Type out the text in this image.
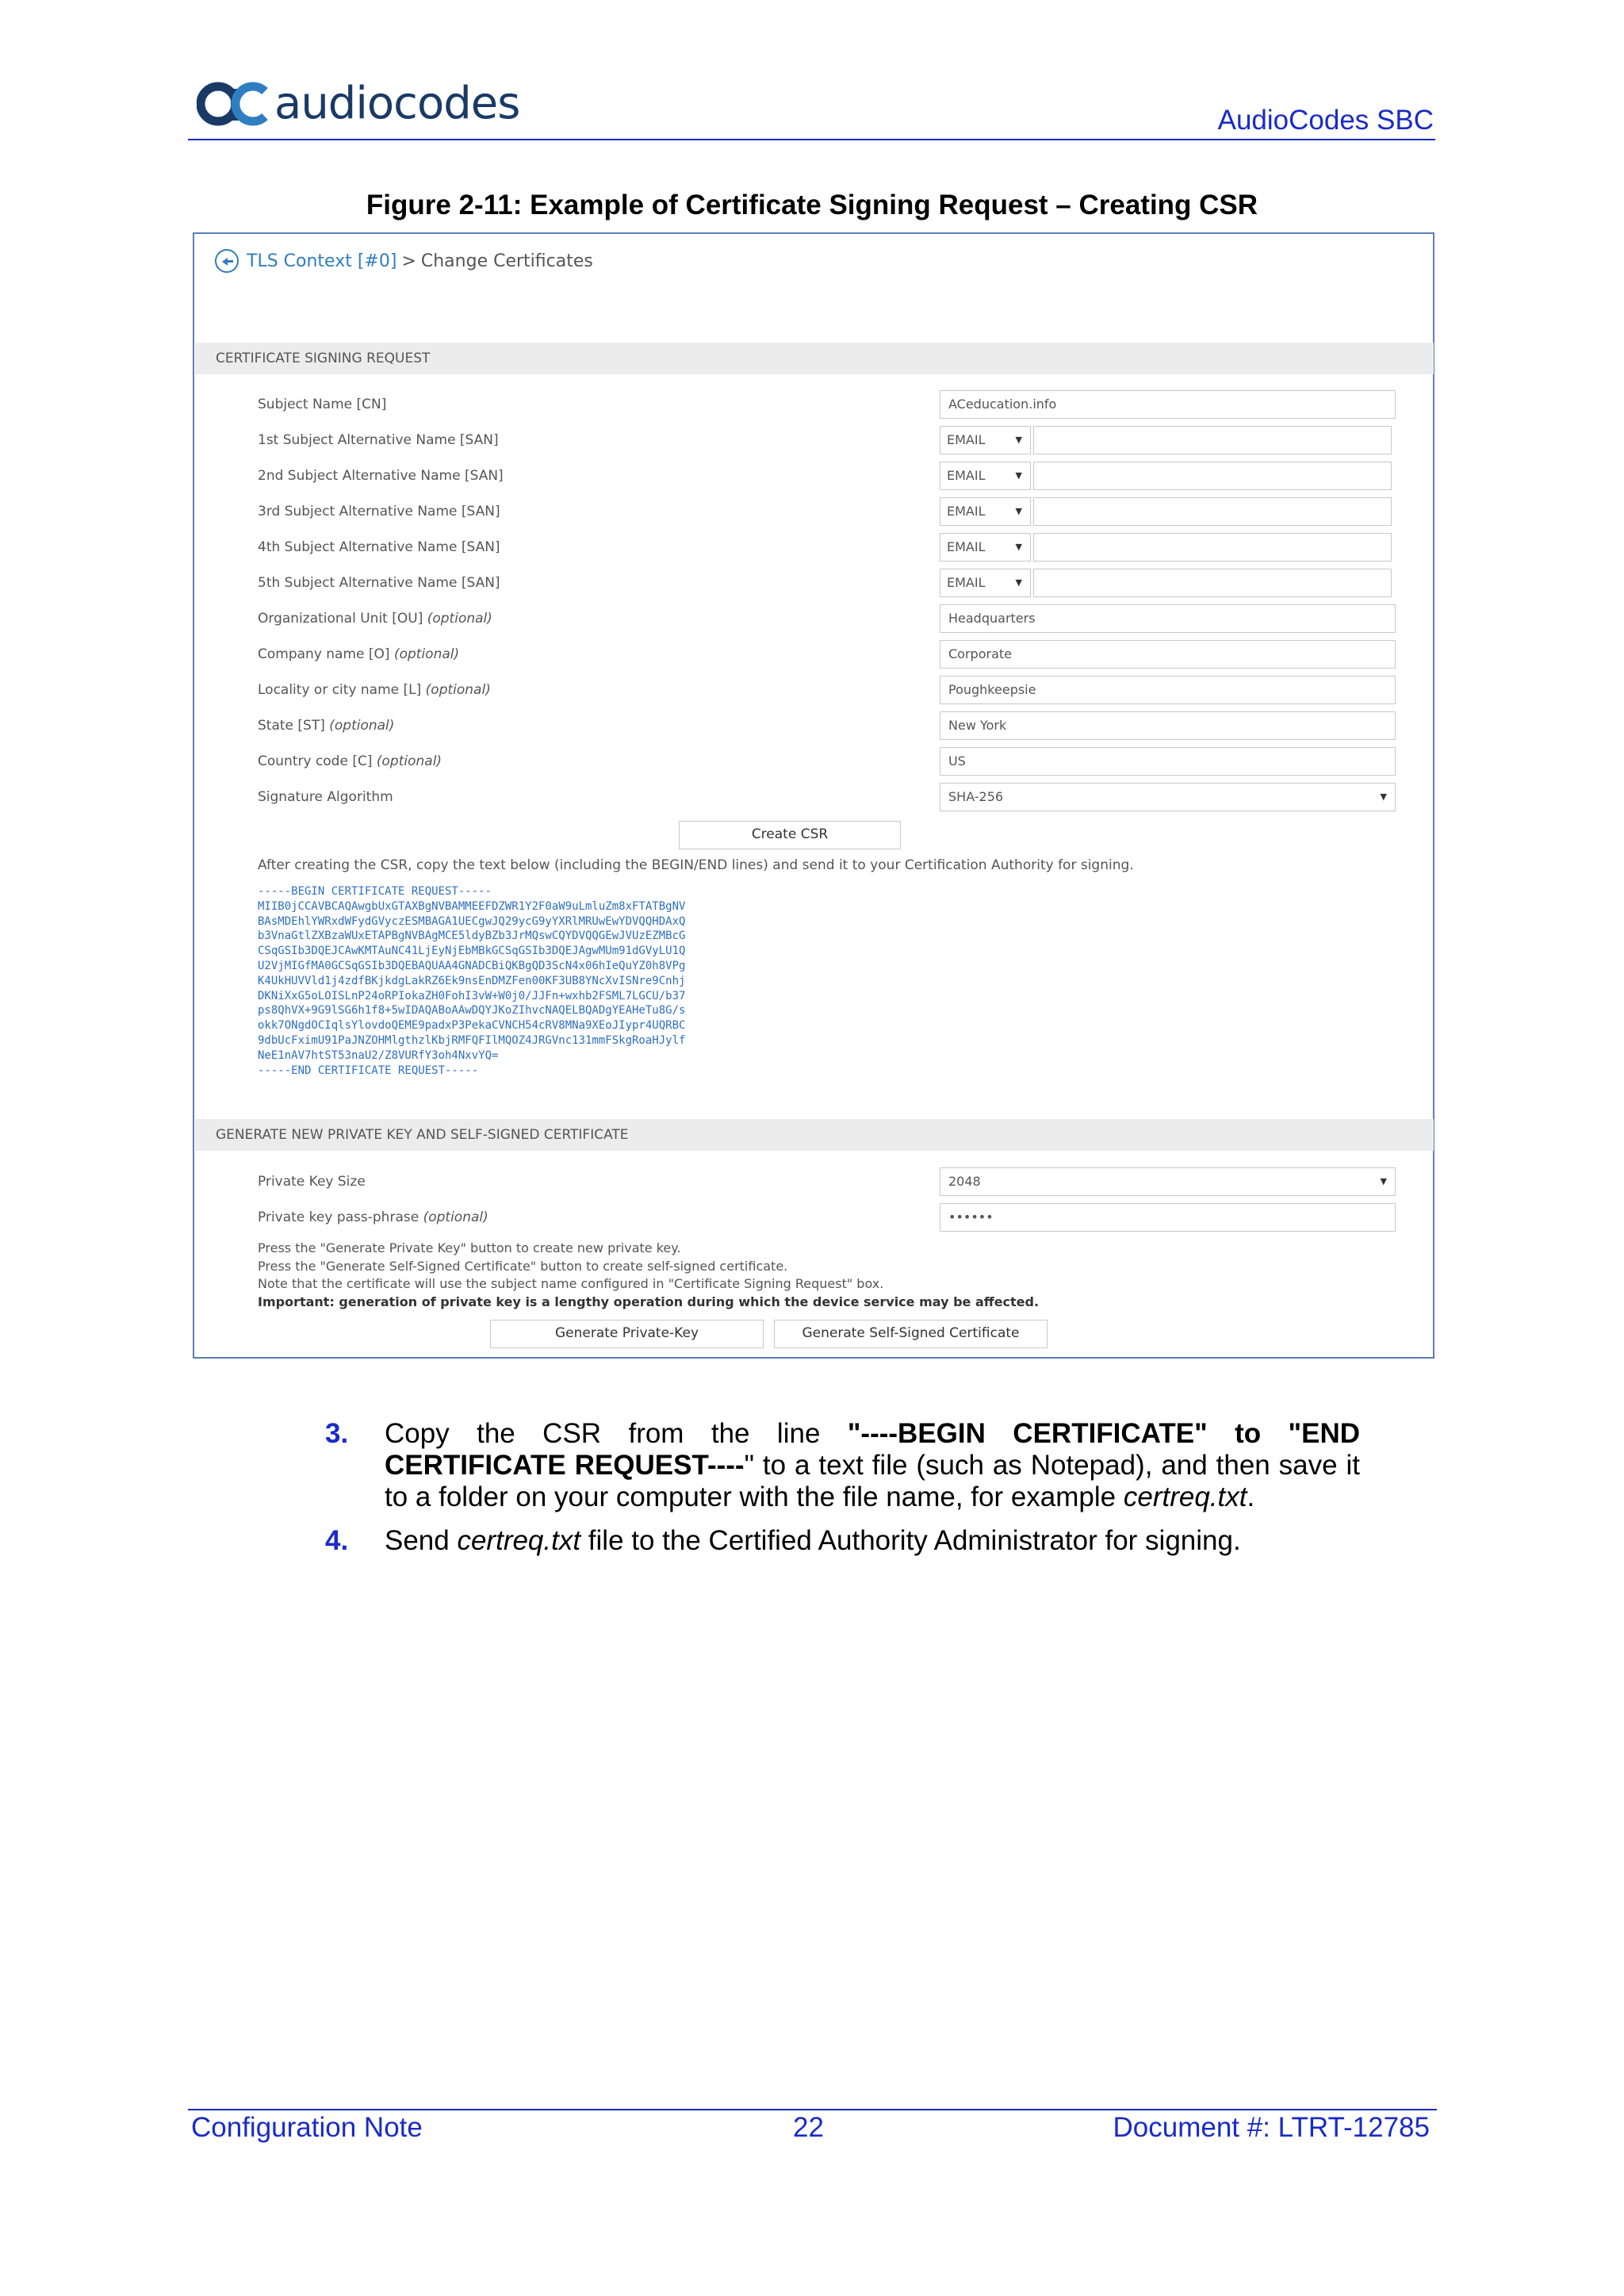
audiocodes	AudioCodes SBC
Figure 2-11: Example of Certificate Signing Request – Creating CSR
TLS Context [#0] > Change Certificates
CERTIFICATE SIGNING REQUEST
Subject Name [CN]	ACeducation.info
1st Subject Alternative Name [SAN]	EMAIL	▼
2nd Subject Alternative Name [SAN]	EMAIL	▼
3rd Subject Alternative Name [SAN]	EMAIL	▼
4th Subject Alternative Name [SAN]	EMAIL	▼
5th Subject Alternative Name [SAN]	EMAIL	▼
Organizational Unit [OU] (optional)	Headquarters
Company name [O] (optional)	Corporate
Locality or city name [L] (optional)	Poughkeepsie
State [ST] (optional)	New York
Country code [C] (optional)	US
Signature Algorithm	SHA-256	▼
Create CSR
After creating the CSR, copy the text below (including the BEGIN/END lines) and send it to your Certification Authority for signing.
-----BEGIN CERTIFICATE REQUEST-----
MIIB0jCCAVBCAQAwgbUxGTAXBgNVBAMMEEFDZWR1Y2F0aW9uLmluZm8xFTATBgNV
BAsMDEhlYWRxdWFydGVyczESMBAGA1UECgwJQ29ycG9yYXRlMRUwEwYDVQQHDAxQ
b3VnaGtlZXBzaWUxETAPBgNVBAgMCE5ldyBZb3JrMQswCQYDVQQGEwJVUzEZMBcG
CSqGSIb3DQEJCAwKMTAuNC41LjEyNjEbMBkGCSqGSIb3DQEJAgwMUm91dGVyLU1Q
U2VjMIGfMA0GCSqGSIb3DQEBAQUAA4GNADCBiQKBgQD3ScN4x06hIeQuYZ0h8VPg
K4UkHUVVld1j4zdfBKjkdgLakRZ6Ek9nsEnDMZFen00KF3UB8YNcXvISNre9Cnhj
DKNiXxG5oLOISLnP24oRPIokaZH0FohI3vW+W0j0/JJFn+wxhb2FSML7LGCU/b37
ps8QhVX+9G9lSG6h1f8+5wIDAQABoAAwDQYJKoZIhvcNAQELBQADgYEAHeTu8G/s
okk7ONgdOCIqlsYlovdoQEME9padxP3PekaCVNCH54cRV8MNa9XEoJIypr4UQRBC
9dbUcFximU91PaJNZOHMlgthzlKbjRMFQFIlMQOZ4JRGVnc131mmFSkgRoaHJylf
NeE1nAV7htST53naU2/Z8VURfY3oh4NxvYQ=
-----END CERTIFICATE REQUEST-----
GENERATE NEW PRIVATE KEY AND SELF-SIGNED CERTIFICATE
Private Key Size	2048	▼
Private key pass-phrase (optional)	••••••
Press the "Generate Private Key" button to create new private key.
Press the "Generate Self-Signed Certificate" button to create self-signed certificate.
Note that the certificate will use the subject name configured in "Certificate Signing Request" box.
Important: generation of private key is a lengthy operation during which the device service may be affected.
Generate Private-Key	Generate Self-Signed Certificate
3. Copy the CSR from the line "----BEGIN CERTIFICATE" to "END CERTIFICATE REQUEST----" to a text file (such as Notepad), and then save it to a folder on your computer with the file name, for example certreq.txt.
4. Send certreq.txt file to the Certified Authority Administrator for signing.
Configuration Note	22	Document #: LTRT-12785
